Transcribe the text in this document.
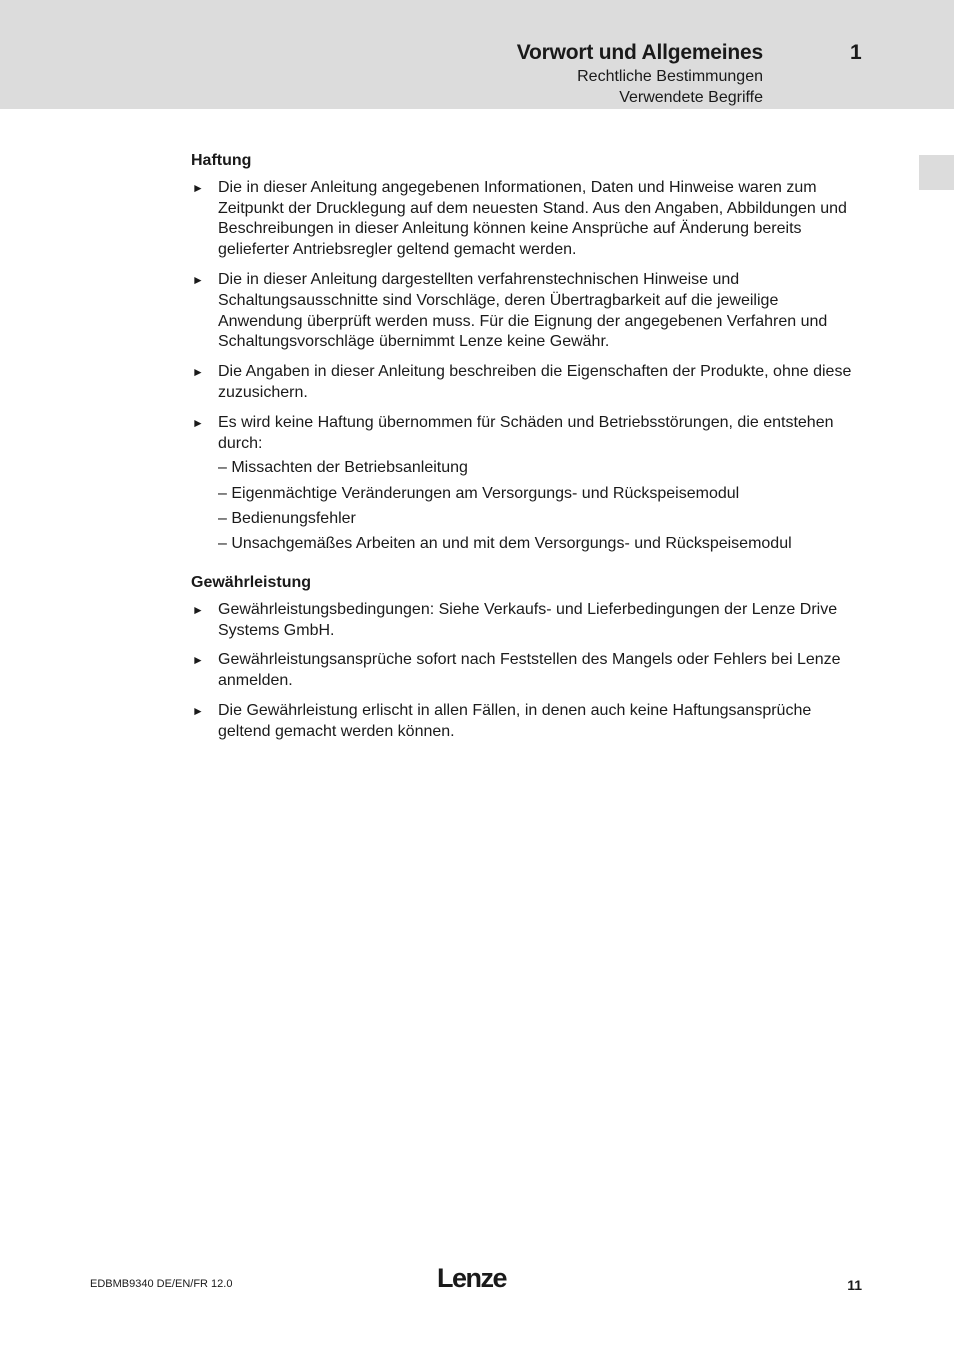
Vorwort und Allgemeines	1
Rechtliche Bestimmungen
Verwendete Begriffe
Haftung
► Die in dieser Anleitung angegebenen Informationen, Daten und Hinweise waren zum Zeitpunkt der Drucklegung auf dem neuesten Stand. Aus den Angaben, Abbildungen und Beschreibungen in dieser Anleitung können keine Ansprüche auf Änderung bereits gelieferter Antriebsregler geltend gemacht werden.
► Die in dieser Anleitung dargestellten verfahrenstechnischen Hinweise und Schaltungsausschnitte sind Vorschläge, deren Übertragbarkeit auf die jeweilige Anwendung überprüft werden muss. Für die Eignung der angegebenen Verfahren und Schaltungsvorschläge übernimmt Lenze keine Gewähr.
► Die Angaben in dieser Anleitung beschreiben die Eigenschaften der Produkte, ohne diese zuzusichern.
► Es wird keine Haftung übernommen für Schäden und Betriebsstörungen, die entstehen durch:
– Missachten der Betriebsanleitung
– Eigenmächtige Veränderungen am Versorgungs- und Rückspeisemodul
– Bedienungsfehler
– Unsachgemäßes Arbeiten an und mit dem Versorgungs- und Rückspeisemodul
Gewährleistung
► Gewährleistungsbedingungen: Siehe Verkaufs- und Lieferbedingungen der Lenze Drive Systems GmbH.
► Gewährleistungsansprüche sofort nach Feststellen des Mangels oder Fehlers bei Lenze anmelden.
► Die Gewährleistung erlischt in allen Fällen, in denen auch keine Haftungsansprüche geltend gemacht werden können.
EDBMB9340 DE/EN/FR 12.0	Lenze	11
